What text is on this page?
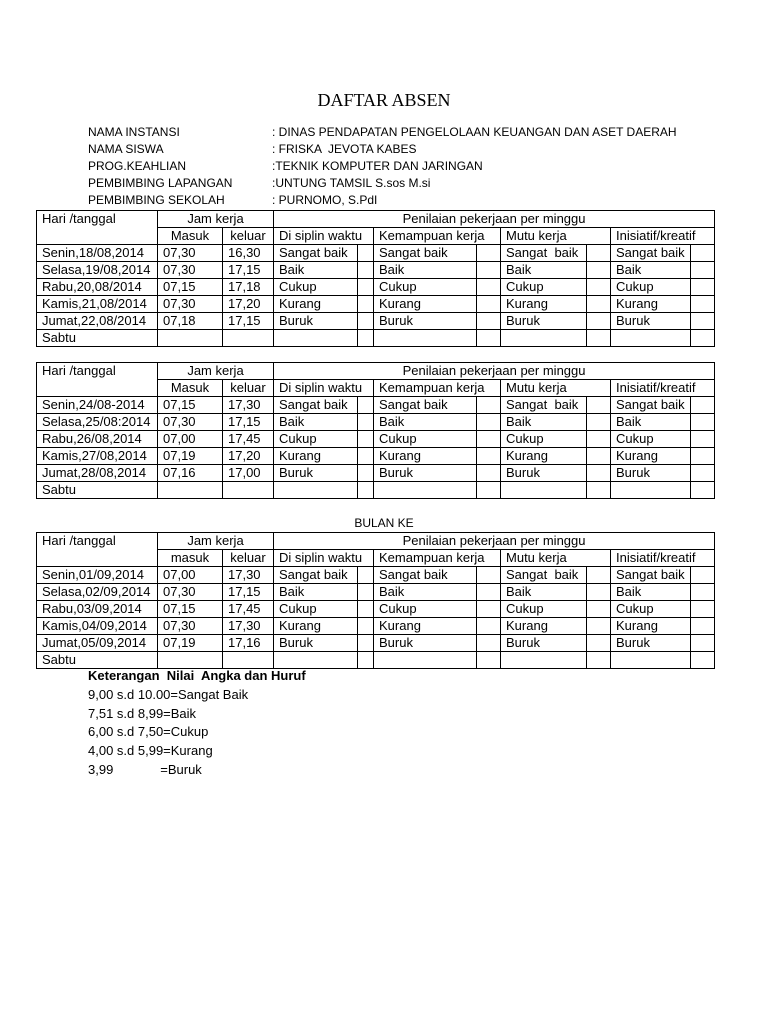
DAFTAR ABSEN
NAMA INSTANSI	: DINAS PENDAPATAN PENGELOLAAN KEUANGAN DAN ASET DAERAH
NAMA SISWA	: FRISKA  JEVOTA KABES
PROG.KEAHLIAN	:TEKNIK KOMPUTER DAN JARINGAN
PEMBIMBING LAPANGAN	:UNTUNG TAMSIL S.sos M.si
PEMBIMBING SEKOLAH	: PURNOMO, S.PdI
Hari /tanggal	Jam kerja		Penilaian pekerjaan per minggu							
	Masuk	keluar	Di siplin waktu		Kemampuan kerja		Mutu kerja		Inisiatif/kreatif	
Senin,18/08,2014	07,30	16,30	Sangat baik		Sangat baik		Sangat  baik		Sangat baik	
Selasa,19/08,2014	07,30	17,15	Baik		Baik		Baik		Baik	
Rabu,20,08/2014	07,15	17,18	Cukup		Cukup		Cukup		Cukup	
Kamis,21,08/2014	07,30	17,20	Kurang		Kurang		Kurang		Kurang	
Jumat,22,08/2014	07,18	17,15	Buruk		Buruk		Buruk		Buruk	
Sabtu										
Hari /tanggal	Jam kerja		Penilaian pekerjaan per minggu							
	Masuk	keluar	Di siplin waktu		Kemampuan kerja		Mutu kerja		Inisiatif/kreatif	
Senin,24/08-2014	07,15	17,30	Sangat baik		Sangat baik		Sangat  baik		Sangat baik	
Selasa,25/08:2014	07,30	17,15	Baik		Baik		Baik		Baik	
Rabu,26/08,2014	07,00	17,45	Cukup		Cukup		Cukup		Cukup	
Kamis,27/08,2014	07,19	17,20	Kurang		Kurang		Kurang		Kurang	
Jumat,28/08,2014	07,16	17,00	Buruk		Buruk		Buruk		Buruk	
Sabtu										
BULAN KE
Hari /tanggal	Jam kerja		Penilaian pekerjaan per minggu							
	masuk	keluar	Di siplin waktu		Kemampuan kerja		Mutu kerja		Inisiatif/kreatif	
Senin,01/09,2014	07,00	17,30	Sangat baik		Sangat baik		Sangat  baik		Sangat baik	
Selasa,02/09,2014	07,30	17,15	Baik		Baik		Baik		Baik	
Rabu,03/09,2014	07,15	17,45	Cukup		Cukup		Cukup		Cukup	
Kamis,04/09,2014	07,30	17,30	Kurang		Kurang		Kurang		Kurang	
Jumat,05/09,2014	07,19	17,16	Buruk		Buruk		Buruk		Buruk	
Sabtu										
Keterangan  Nilai  Angka dan Huruf
9,00 s.d 10.00=Sangat Baik
7,51 s.d 8,99=Baik
6,00 s.d 7,50=Cukup
4,00 s.d 5,99=Kurang
3,99             =Buruk
